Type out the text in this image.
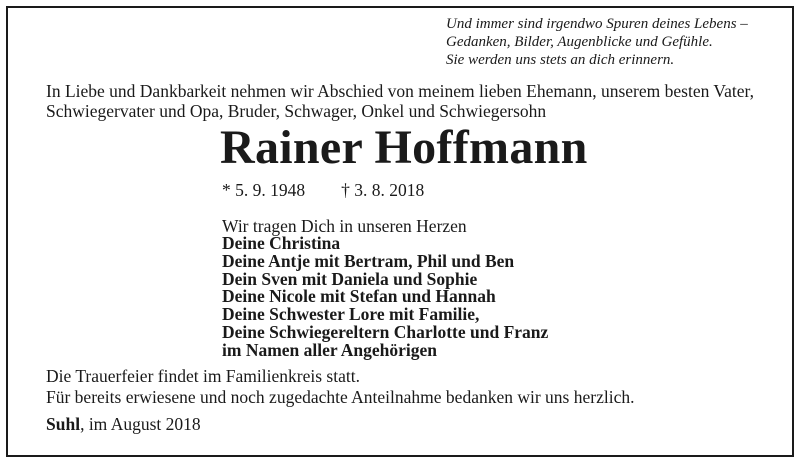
Und immer sind irgendwo Spuren deines Lebens –
Gedanken, Bilder, Augenblicke und Gefühle.
Sie werden uns stets an dich erinnern.
In Liebe und Dankbarkeit nehmen wir Abschied von meinem lieben Ehemann, unserem besten Vater,
Schwiegervater und Opa, Bruder, Schwager, Onkel und Schwiegersohn
Rainer Hoffmann
* 5. 9. 1948 † 3. 8. 2018
Wir tragen Dich in unseren Herzen
Deine Christina
Deine Antje mit Bertram, Phil und Ben
Dein Sven mit Daniela und Sophie
Deine Nicole mit Stefan und Hannah
Deine Schwester Lore mit Familie,
Deine Schwiegereltern Charlotte und Franz
im Namen aller Angehörigen
Die Trauerfeier findet im Familienkreis statt.
Für bereits erwiesene und noch zugedachte Anteilnahme bedanken wir uns herzlich.
Suhl, im August 2018
